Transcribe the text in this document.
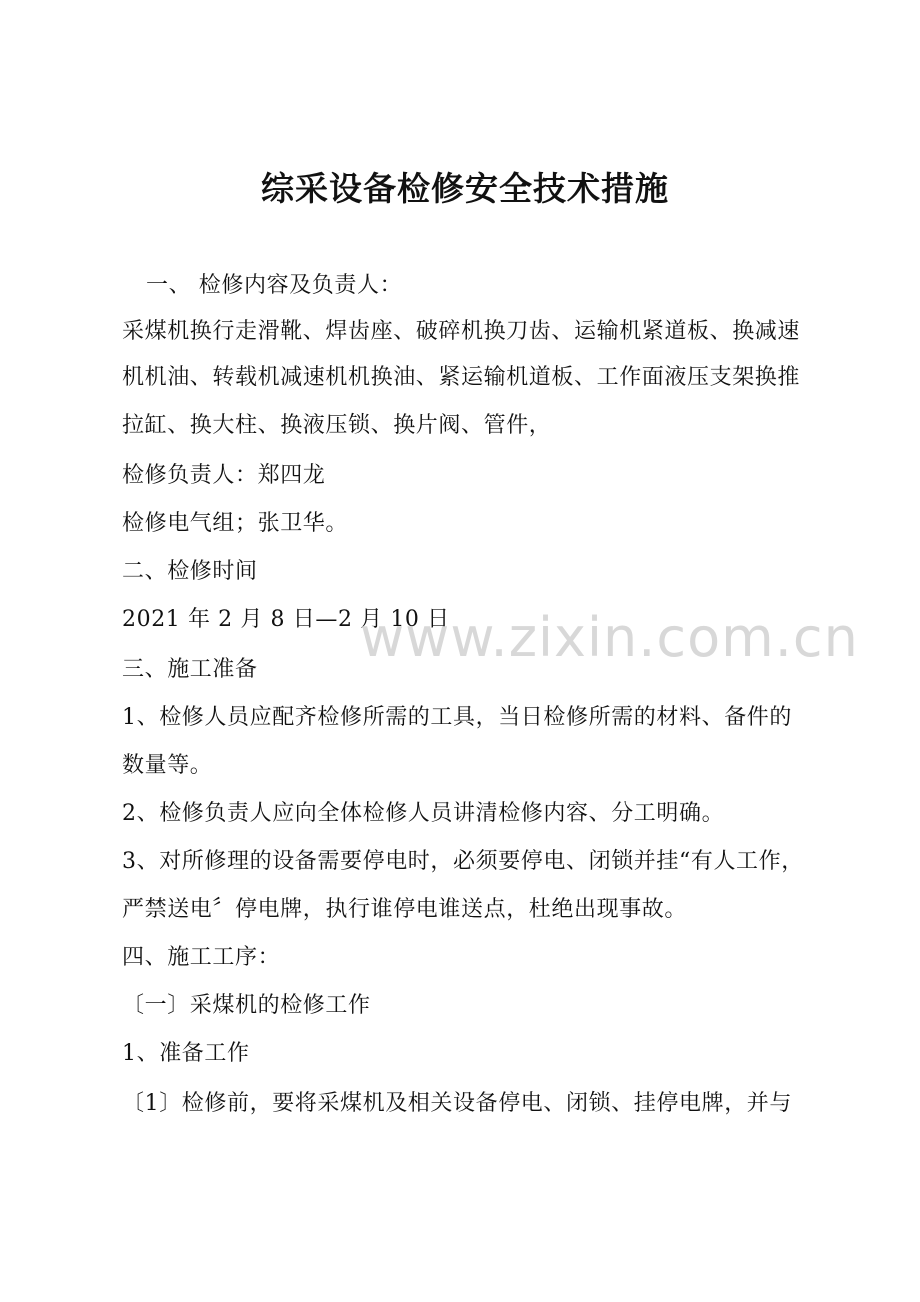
综采设备检修安全技术措施
一、 检修内容及负责人：
采煤机换行走滑靴、焊齿座、破碎机换刀齿、运输机紧道板、换减速
机机油、转载机减速机机换油、紧运输机道板、工作面液压支架换推
拉缸、换大柱、换液压锁、换片阀、管件，
检修负责人：郑四龙
检修电气组；张卫华。
二、检修时间
2021 年 2 月 8 日—2 月 10 日
三、施工准备
1、检修人员应配齐检修所需的工具，当日检修所需的材料、备件的
数量等。
2、检修负责人应向全体检修人员讲清检修内容、分工明确。
3、对所修理的设备需要停电时，必须要停电、闭锁并挂“有人工作，
严禁送电〞停电牌，执行谁停电谁送点，杜绝出现事故。
四、施工工序：
〔一〕采煤机的检修工作
1、准备工作
〔1〕检修前，要将采煤机及相关设备停电、闭锁、挂停电牌，并与
www.zixin.com.cn
